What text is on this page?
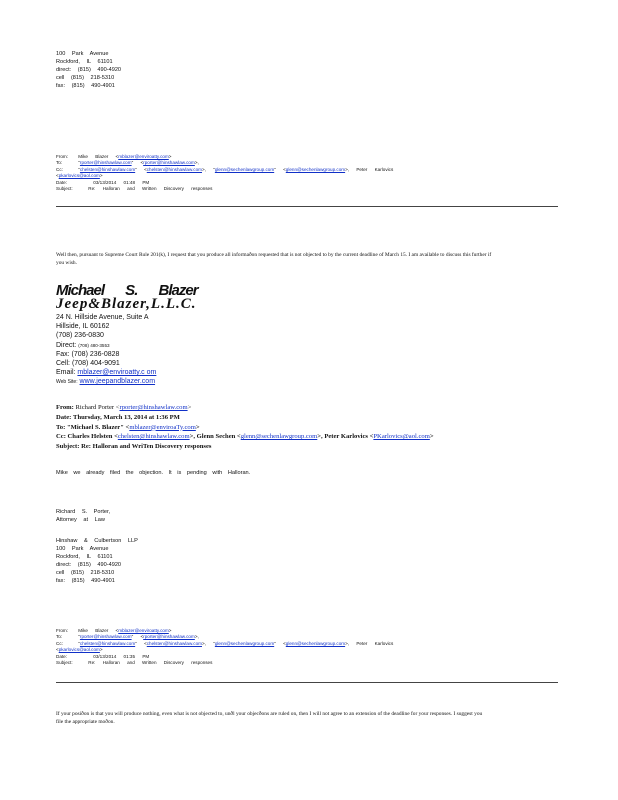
100 Park Avenue
Rockford, IL 61101
direct: (815) 490-4920
cell (815) 218-5310
fax: (815) 490-4901
From: Mike Blazer <mblazer@enviroatty.com>
To:	"rporter@hinshawlaw.com" <rporter@hinshawlaw.com>,
Cc:	"chelsten@hinshawlaw.com" <chelsten@hinshawlaw.com>, "glenn@sechenlawgroup.com" <glenn@sechenlawgroup.com>, Peter Karlovics
<pkarlovics@aol.com>
Date:	03/13/2014 01:48 PM
Subject:	Re: Halloran and Written Discovery responses
Well then, pursuant to Supreme Court Rule 201(k), I request that you produce all informaðon requested that is not objected to by the current deadline of March 15. I am available to discuss this further if you wish.
Michael S. Blazer
Jeep&Blazer,L.L.C.
24 N. Hillside Avenue, Suite A
Hillside, IL 60162
(708) 236-0830
Direct: (708) 480-3553
Fax: (708) 236-0828
Cell: (708) 404-9091
Email: mblazer@enviroatty.c om
Web Site: www.jeepandblazer.com
From: Richard Porter <rporter@hinshawlaw.com>
Date: Thursday, March 13, 2014 at 1:36 PM
To: "Michael S. Blazer" <mblazer@enviroaTy.com>
Cc: Charles Helsten <chelsten@hinshawlaw.com>, Glenn Sechen <glenn@sechenlawgroup.com>, Peter Karlovics <PKarlovics@aol.com>
Subject: Re: Halloran and WriTen Discovery responses
Mike we already filed the objection. It is pending with Halloran.
Richard S. Porter,
Attorney at Law
Hinshaw & Culbertson LLP
100 Park Avenue
Rockford, IL 61101
direct: (815) 490-4920
cell (815) 218-5310
fax: (815) 490-4901
From: Mike Blazer <mblazer@enviroatty.com>
To:	"rporter@hinshawlaw.com" <rporter@hinshawlaw.com>,
Cc:	"chelsten@hinshawlaw.com" <chelsten@hinshawlaw.com>, "glenn@sechenlawgroup.com" <glenn@sechenlawgroup.com>, Peter Karlovics
<pkarlovics@aol.com>
Date:	03/13/2014 01:35 PM
Subject:	Re: Halloran and Written Discovery responses
If your posiðon is that you will produce nothing, even what is not objected to, unðl your objecðons are ruled on, then I will not agree to an extension of the deadline for your responses. I suggest you file the appropriate moðon.
